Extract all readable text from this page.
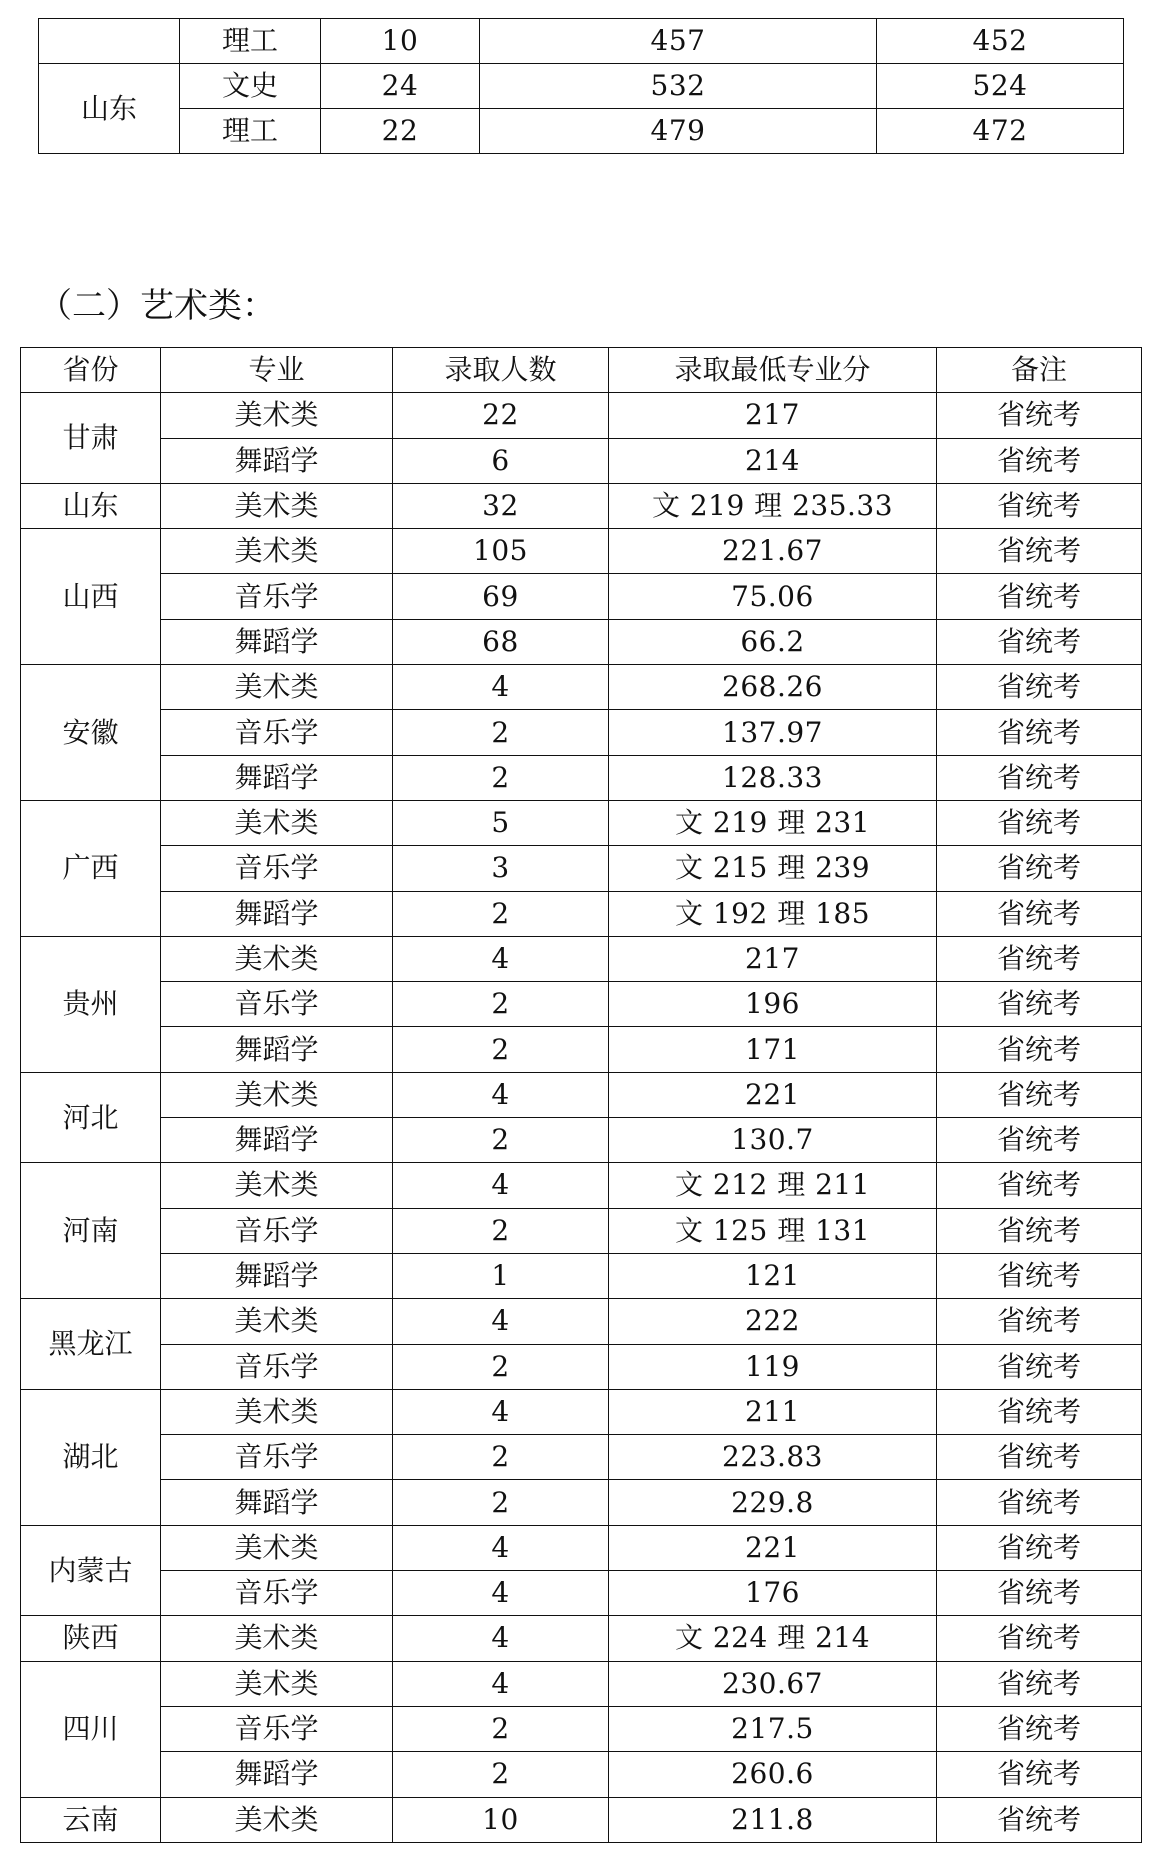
	理工	10	457	452
山东	文史	24	532	524
	理工	22	479	472
（二）艺术类：
省份	专业	录取人数	录取最低专业分	备注
甘肃	美术类	22	217	省统考
	舞蹈学	6	214	省统考
山东	美术类	32	文 219 理 235.33	省统考
山西	美术类	105	221.67	省统考
	音乐学	69	75.06	省统考
	舞蹈学	68	66.2	省统考
安徽	美术类	4	268.26	省统考
	音乐学	2	137.97	省统考
	舞蹈学	2	128.33	省统考
广西	美术类	5	文 219 理 231	省统考
	音乐学	3	文 215 理 239	省统考
	舞蹈学	2	文 192 理 185	省统考
贵州	美术类	4	217	省统考
	音乐学	2	196	省统考
	舞蹈学	2	171	省统考
河北	美术类	4	221	省统考
	舞蹈学	2	130.7	省统考
河南	美术类	4	文 212 理 211	省统考
	音乐学	2	文 125 理 131	省统考
	舞蹈学	1	121	省统考
黑龙江	美术类	4	222	省统考
	音乐学	2	119	省统考
湖北	美术类	4	211	省统考
	音乐学	2	223.83	省统考
	舞蹈学	2	229.8	省统考
内蒙古	美术类	4	221	省统考
	音乐学	4	176	省统考
陕西	美术类	4	文 224 理 214	省统考
四川	美术类	4	230.67	省统考
	音乐学	2	217.5	省统考
	舞蹈学	2	260.6	省统考
云南	美术类	10	211.8	省统考
